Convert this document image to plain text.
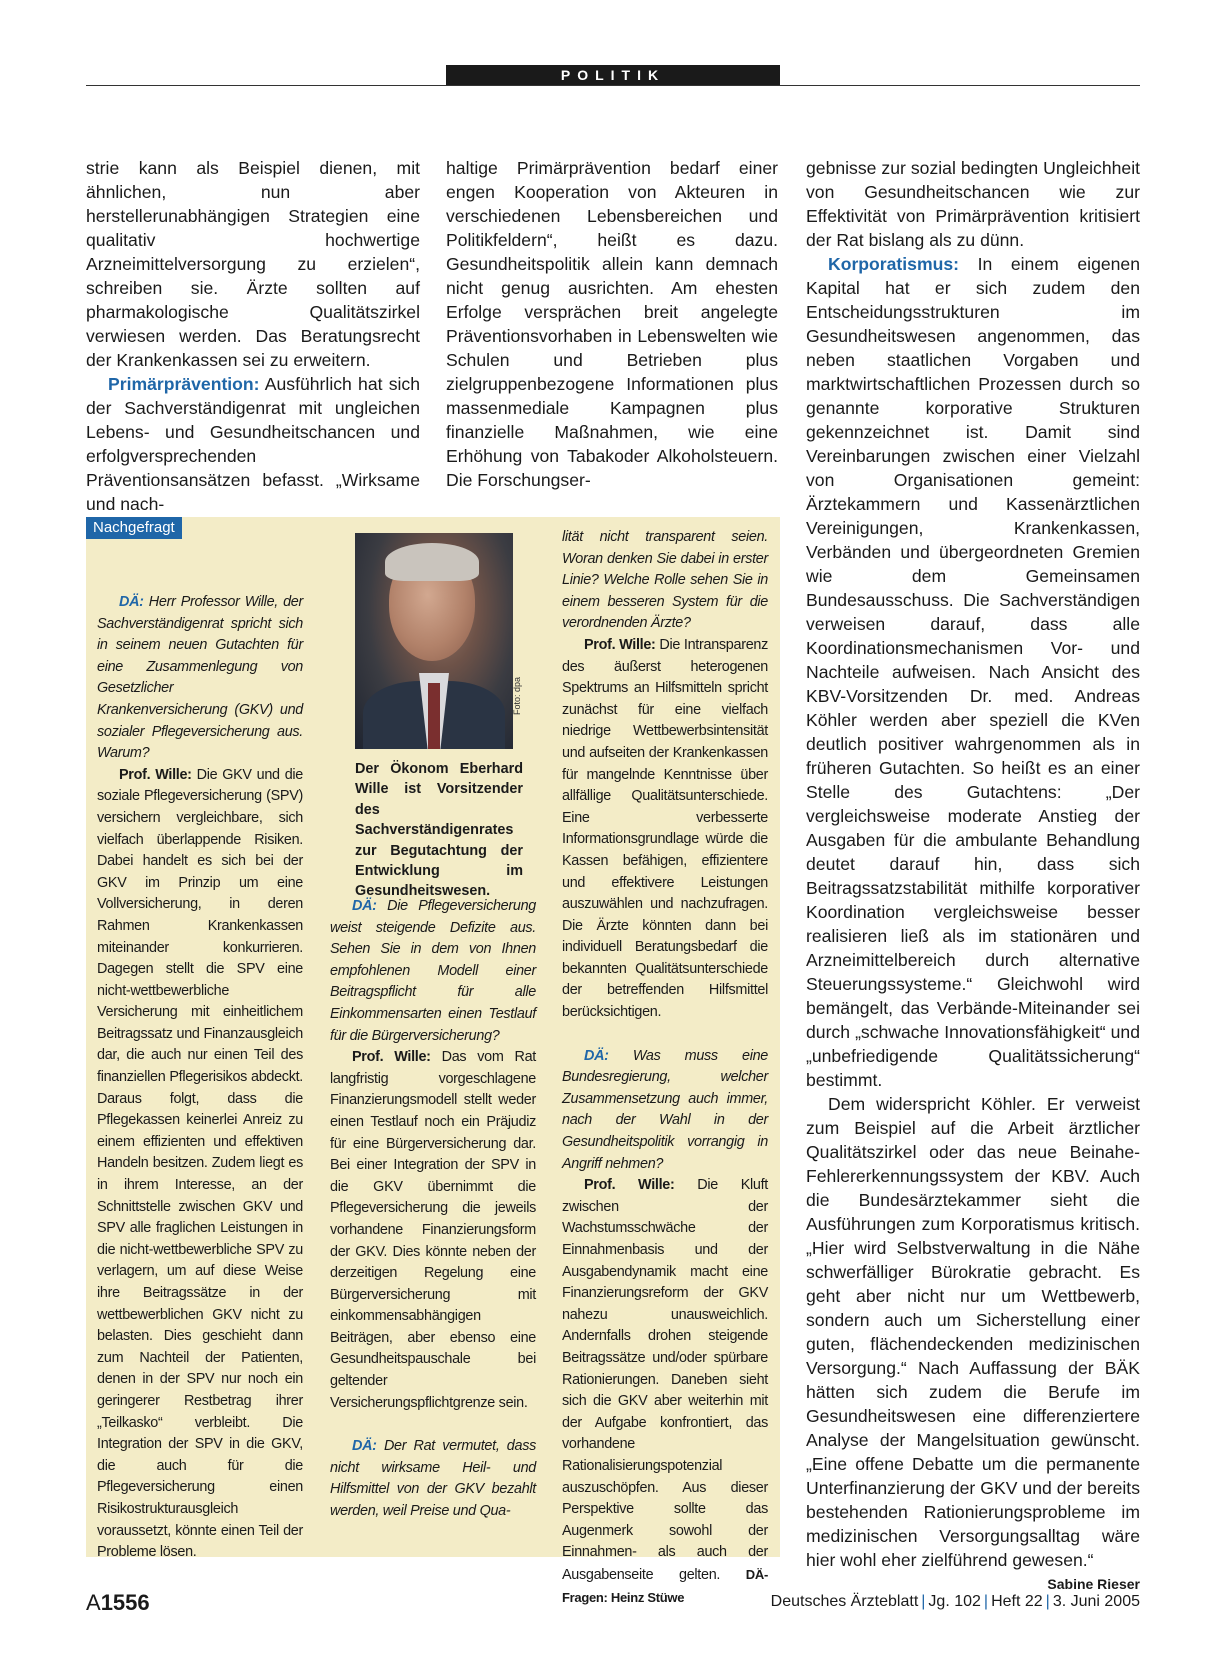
POLITIK

strie kann als Beispiel dienen, mit ähnlichen, nun aber herstellerunabhängigen Strategien eine qualitativ hochwertige Arzneimittelversorgung zu erzielen“, schreiben sie. Ärzte sollten auf pharmakologische Qualitätszirkel verwiesen werden. Das Beratungsrecht der Krankenkassen sei zu erweitern.

Primärprävention: Ausführlich hat sich der Sachverständigenrat mit ungleichen Lebens- und Gesundheitschancen und erfolgversprechenden Präventionsansätzen befasst. „Wirksame und nach-

haltige Primärprävention bedarf einer engen Kooperation von Akteuren in verschiedenen Lebensbereichen und Politikfeldern“, heißt es dazu. Gesundheitspolitik allein kann demnach nicht genug ausrichten. Am ehesten Erfolge versprächen breit angelegte Präventionsvorhaben in Lebenswelten wie Schulen und Betrieben plus zielgruppenbezogene Informationen plus massenmediale Kampagnen plus finanzielle Maßnahmen, wie eine Erhöhung von Tabakoder Alkoholsteuern. Die Forschungser-

gebnisse zur sozial bedingten Ungleichheit von Gesundheitschancen wie zur Effektivität von Primärprävention kritisiert der Rat bislang als zu dünn.

Korporatismus: In einem eigenen Kapital hat er sich zudem den Entscheidungsstrukturen im Gesundheitswesen angenommen, das neben staatlichen Vorgaben und marktwirtschaftlichen Prozessen durch so genannte korporative Strukturen gekennzeichnet ist. Damit sind Vereinbarungen zwischen einer Vielzahl von Organisationen gemeint: Ärztekammern und Kassenärztlichen Vereinigungen, Krankenkassen, Verbänden und übergeordneten Gremien wie dem Gemeinsamen Bundesausschuss. Die Sachverständigen verweisen darauf, dass alle Koordinationsmechanismen Vor- und Nachteile aufweisen. Nach Ansicht des KBV-Vorsitzenden Dr. med. Andreas Köhler werden aber speziell die KVen deutlich positiver wahrgenommen als in früheren Gutachten. So heißt es an einer Stelle des Gutachtens: „Der vergleichsweise moderate Anstieg der Ausgaben für die ambulante Behandlung deutet darauf hin, dass sich Beitragssatzstabilität mithilfe korporativer Koordination vergleichsweise besser realisieren ließ als im stationären und Arzneimittelbereich durch alternative Steuerungssysteme.“ Gleichwohl wird bemängelt, das Verbände-Miteinander sei durch „schwache Innovationsfähigkeit“ und „unbefriedigende Qualitätssicherung“ bestimmt.

Dem widerspricht Köhler. Er verweist zum Beispiel auf die Arbeit ärztlicher Qualitätszirkel oder das neue Beinahe-Fehlererkennungssystem der KBV. Auch die Bundesärztekammer sieht die Ausführungen zum Korporatismus kritisch. „Hier wird Selbstverwaltung in die Nähe schwerfälliger Bürokratie gebracht. Es geht aber nicht nur um Wettbewerb, sondern auch um Sicherstellung einer guten, flächendeckenden medizinischen Versorgung.“ Nach Auffassung der BÄK hätten sich zudem die Berufe im Gesundheitswesen eine differenziertere Analyse der Mangelsituation gewünscht. „Eine offene Debatte um die permanente Unterfinanzierung der GKV und der bereits bestehenden Rationierungsprobleme im medizinischen Versorgungsalltag wäre hier wohl eher zielführend gewesen.“
Sabine Rieser

Nachgefragt

DÄ: Herr Professor Wille, der Sachverständigenrat spricht sich in seinem neuen Gutachten für eine Zusammenlegung von Gesetzlicher Krankenversicherung (GKV) und sozialer Pflegeversicherung aus. Warum?

Prof. Wille: Die GKV und die soziale Pflegeversicherung (SPV) versichern vergleichbare, sich vielfach überlappende Risiken. Dabei handelt es sich bei der GKV im Prinzip um eine Vollversicherung, in deren Rahmen Krankenkassen miteinander konkurrieren. Dagegen stellt die SPV eine nicht-wettbewerbliche Versicherung mit einheitlichem Beitragssatz und Finanzausgleich dar, die auch nur einen Teil des finanziellen Pflegerisikos abdeckt. Daraus folgt, dass die Pflegekassen keinerlei Anreiz zu einem effizienten und effektiven Handeln besitzen. Zudem liegt es in ihrem Interesse, an der Schnittstelle zwischen GKV und SPV alle fraglichen Leistungen in die nicht-wettbewerbliche SPV zu verlagern, um auf diese Weise ihre Beitragssätze in der wettbewerblichen GKV nicht zu belasten. Dies geschieht dann zum Nachteil der Patienten, denen in der SPV nur noch ein geringerer Restbetrag ihrer „Teilkasko“ verbleibt. Die Integration der SPV in die GKV, die auch für die Pflegeversicherung einen Risikostrukturausgleich voraussetzt, könnte einen Teil der Probleme lösen.

Foto: dpa
Der Ökonom Eberhard Wille ist Vorsitzender des Sachverständigenrates zur Begutachtung der Entwicklung im Gesundheitswesen.

DÄ: Die Pflegeversicherung weist steigende Defizite aus. Sehen Sie in dem von Ihnen empfohlenen Modell einer Beitragspflicht für alle Einkommensarten einen Testlauf für die Bürgerversicherung?

Prof. Wille: Das vom Rat langfristig vorgeschlagene Finanzierungsmodell stellt weder einen Testlauf noch ein Präjudiz für eine Bürgerversicherung dar. Bei einer Integration der SPV in die GKV übernimmt die Pflegeversicherung die jeweils vorhandene Finanzierungsform der GKV. Dies könnte neben der derzeitigen Regelung eine Bürgerversicherung mit einkommensabhängigen Beiträgen, aber ebenso eine Gesundheitspauschale bei geltender Versicherungspflichtgrenze sein.

DÄ: Der Rat vermutet, dass nicht wirksame Heil- und Hilfsmittel von der GKV bezahlt werden, weil Preise und Qua-

lität nicht transparent seien. Woran denken Sie dabei in erster Linie? Welche Rolle sehen Sie in einem besseren System für die verordnenden Ärzte?

Prof. Wille: Die Intransparenz des äußerst heterogenen Spektrums an Hilfsmitteln spricht zunächst für eine vielfach niedrige Wettbewerbsintensität und aufseiten der Krankenkassen für mangelnde Kenntnisse über allfällige Qualitätsunterschiede. Eine verbesserte Informationsgrundlage würde die Kassen befähigen, effizientere und effektivere Leistungen auszuwählen und nachzufragen. Die Ärzte könnten dann bei individuell Beratungsbedarf die bekannten Qualitätsunterschiede der betreffenden Hilfsmittel berücksichtigen.

DÄ: Was muss eine Bundesregierung, welcher Zusammensetzung auch immer, nach der Wahl in der Gesundheitspolitik vorrangig in Angriff nehmen?

Prof. Wille: Die Kluft zwischen der Wachstumsschwäche der Einnahmenbasis und der Ausgabendynamik macht eine Finanzierungsreform der GKV nahezu unausweichlich. Andernfalls drohen steigende Beitragssätze und/oder spürbare Rationierungen. Daneben sieht sich die GKV aber weiterhin mit der Aufgabe konfrontiert, das vorhandene Rationalisierungspotenzial auszuschöpfen. Aus dieser Perspektive sollte das Augenmerk sowohl der Einnahmen- als auch der Ausgabenseite gelten. DÄ-Fragen: Heinz Stüwe

A1556	Deutsches Ärzteblatt | Jg. 102 | Heft 22 | 3. Juni 2005
